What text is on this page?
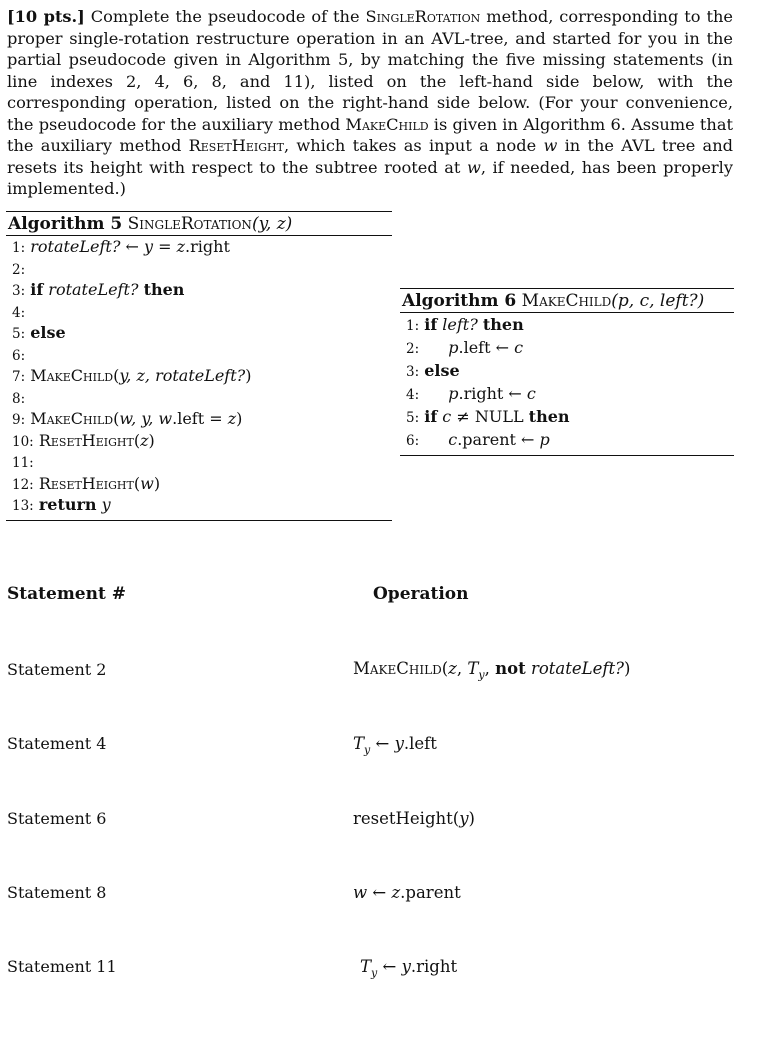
[10 pts.] Complete the pseudocode of the SingleRotation method, corresponding to the proper single-rotation restructure operation in an AVL-tree, and started for you in the partial pseudocode given in Algorithm 5, by matching the five missing statements (in line indexes 2, 4, 6, 8, and 11), listed on the left-hand side below, with the corresponding operation, listed on the right-hand side below. (For your convenience, the pseudocode for the auxiliary method MakeChild is given in Algorithm 6. Assume that the auxiliary method ResetHeight, which takes as input a node w in the AVL tree and resets its height with respect to the subtree rooted at w, if needed, has been properly implemented.)
Algorithm 5 SingleRotation(y, z)
1: rotateLeft? ← y = z.right
2:
3: if rotateLeft? then
4:
5: else
6:
7: MakeChild(y, z, rotateLeft?)
8:
9: MakeChild(w, y, w.left = z)
10: ResetHeight(z)
11:
12: ResetHeight(w)
13: return y
Algorithm 6 MakeChild(p, c, left?)
1: if left? then
2: p.left ← c
3: else
4: p.right ← c
5: if c ≠ NULL then
6: c.parent ← p
Statement #	Operation
Statement 2
Statement 4
Statement 6
Statement 8
Statement 11
MakeChild(z, $T_y$, not rotateLeft?)
$T_y$ ← y.left
resetHeight(y)
w ← z.parent
$T_y$ ← y.right
